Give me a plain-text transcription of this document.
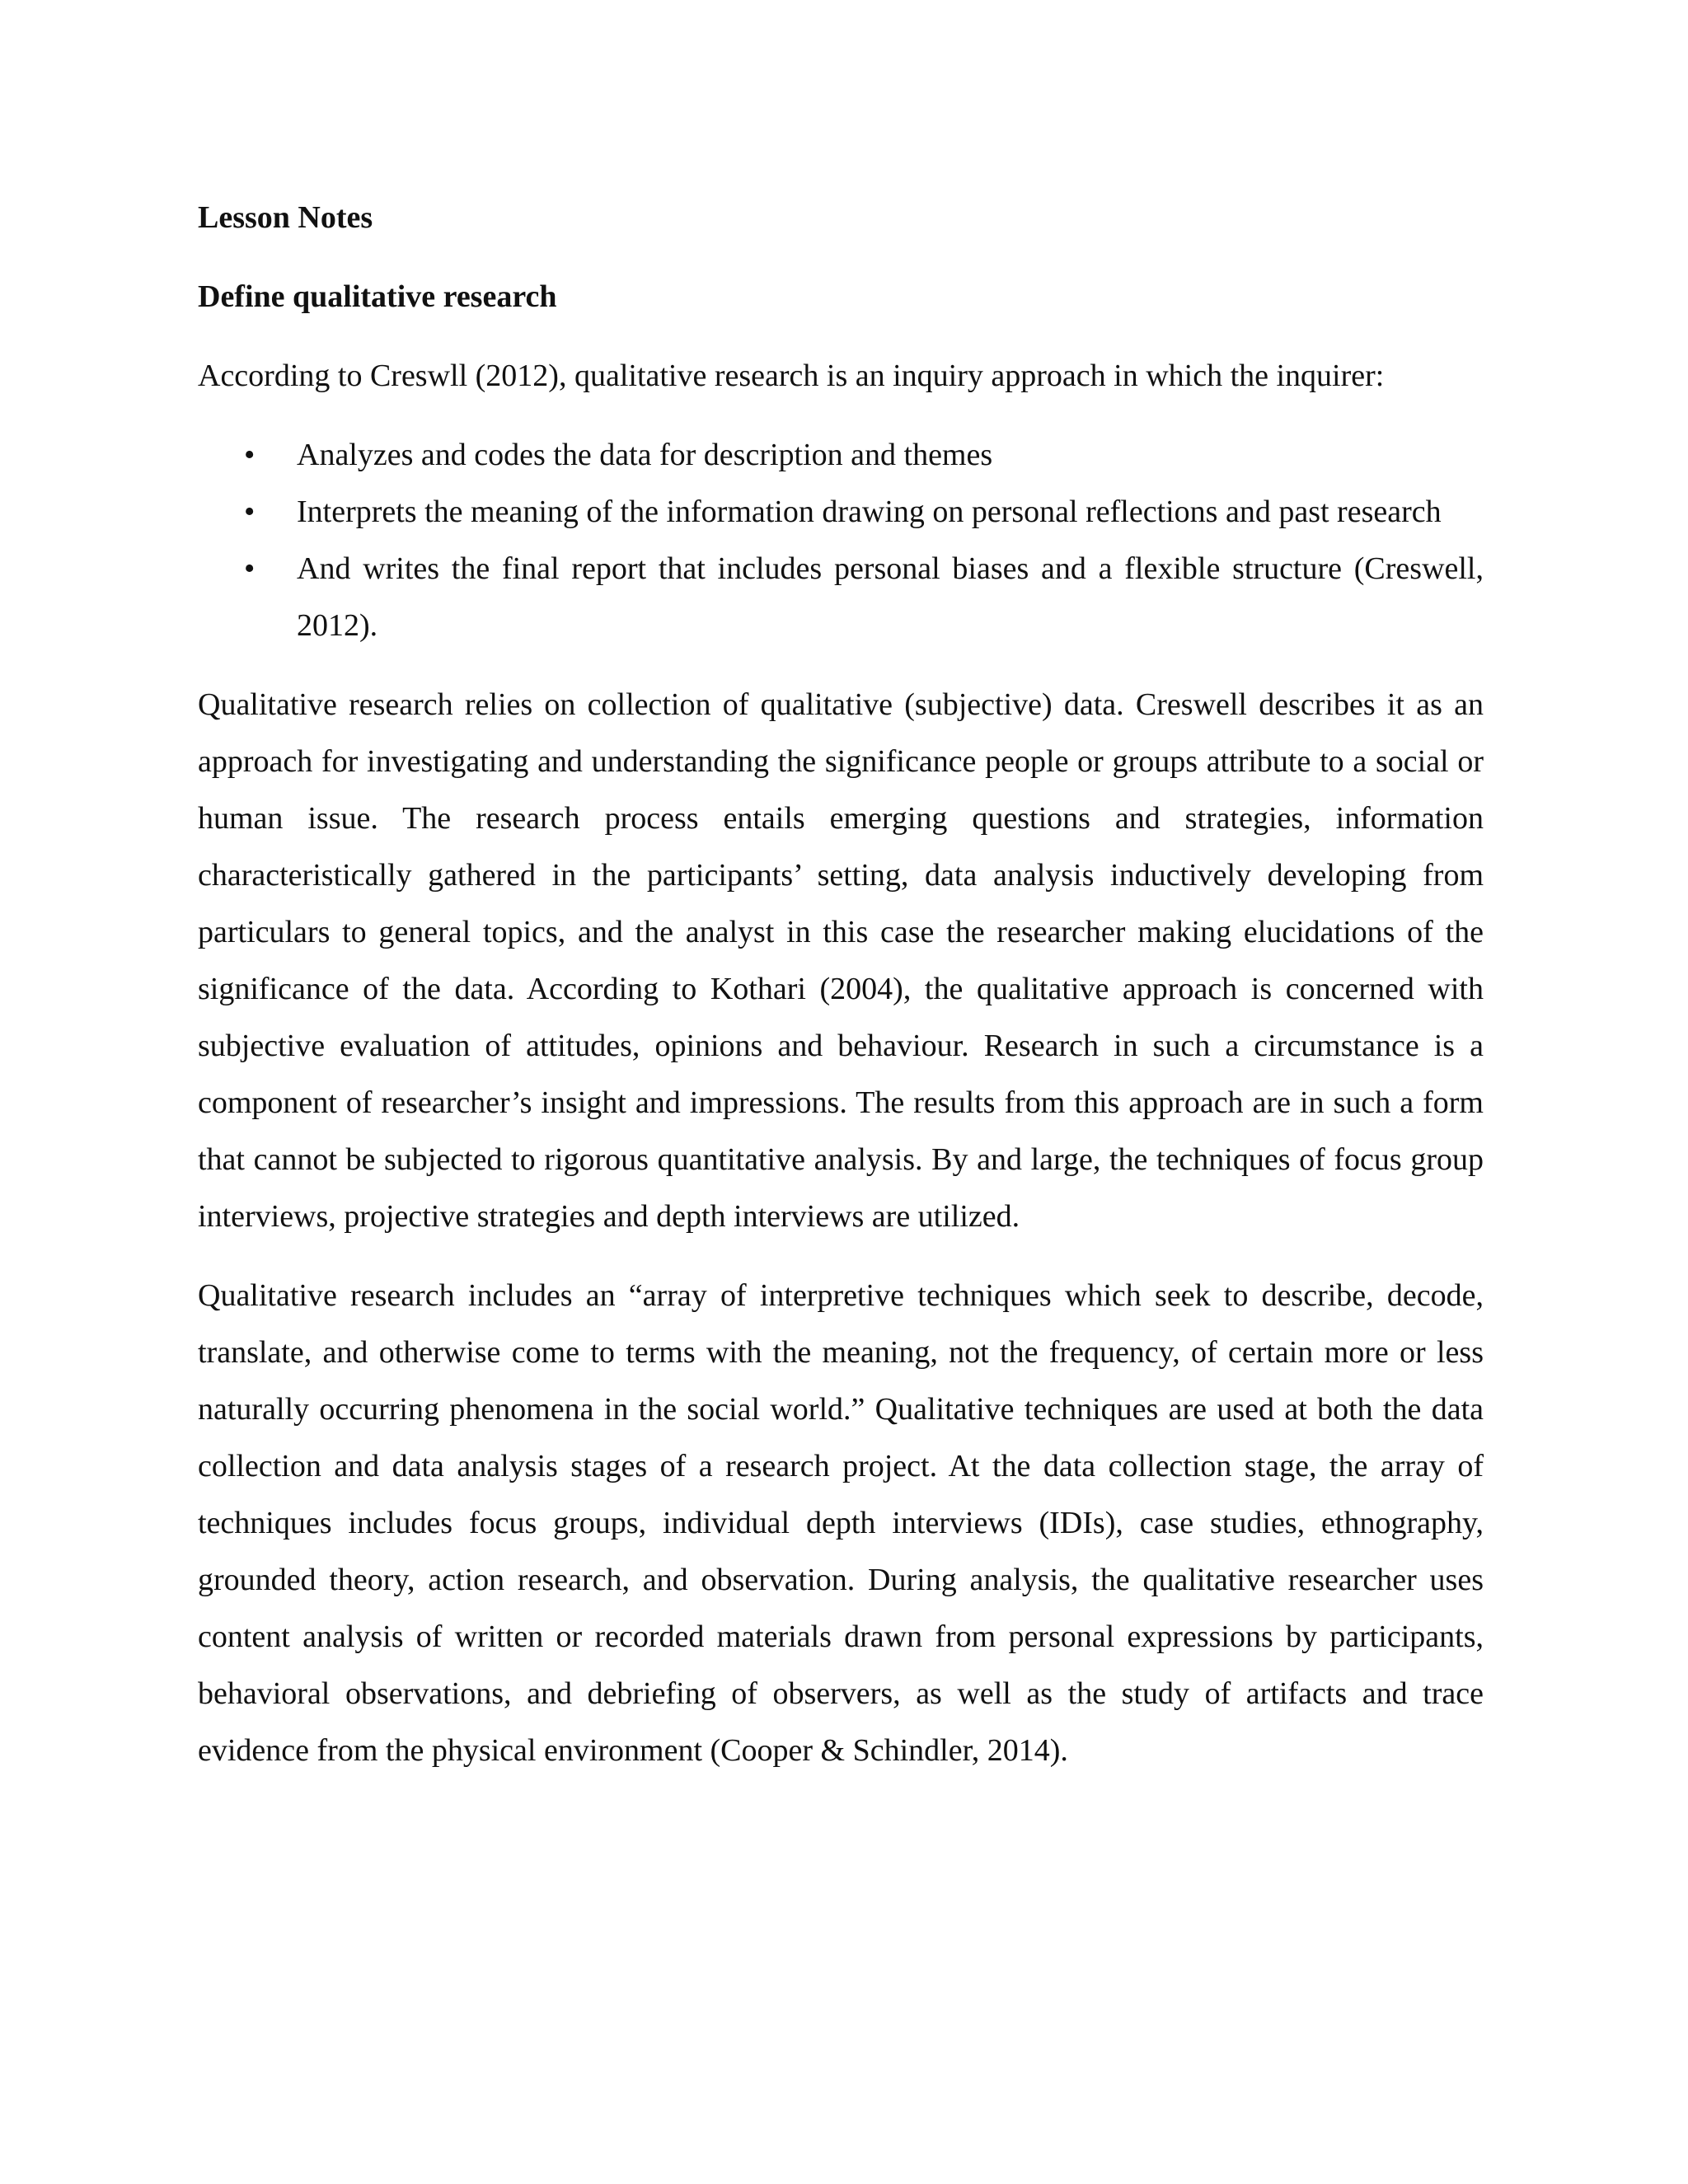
Lesson Notes
Define qualitative research

According to Creswll (2012), qualitative research is an inquiry approach in which the inquirer:

• Analyzes and codes the data for description and themes
• Interprets the meaning of the information drawing on personal reflections and past research
• And writes the final report that includes personal biases and a flexible structure (Creswell, 2012).

Qualitative research relies on collection of qualitative (subjective) data. Creswell describes it as an approach for investigating and understanding the significance people or groups attribute to a social or human issue. The research process entails emerging questions and strategies, information characteristically gathered in the participants’ setting, data analysis inductively developing from particulars to general topics, and the analyst in this case the researcher making elucidations of the significance of the data. According to Kothari (2004), the qualitative approach is concerned with subjective evaluation of attitudes, opinions and behaviour. Research in such a circumstance is a component of researcher’s insight and impressions. The results from this approach are in such a form that cannot be subjected to rigorous quantitative analysis. By and large, the techniques of focus group interviews, projective strategies and depth interviews are utilized.

Qualitative research includes an “array of interpretive techniques which seek to describe, decode, translate, and otherwise come to terms with the meaning, not the frequency, of certain more or less naturally occurring phenomena in the social world.” Qualitative techniques are used at both the data collection and data analysis stages of a research project. At the data collection stage, the array of techniques includes focus groups, individual depth interviews (IDIs), case studies, ethnography, grounded theory, action research, and observation. During analysis, the qualitative researcher uses content analysis of written or recorded materials drawn from personal expressions by participants, behavioral observations, and debriefing of observers, as well as the study of artifacts and trace evidence from the physical environment (Cooper & Schindler, 2014).
